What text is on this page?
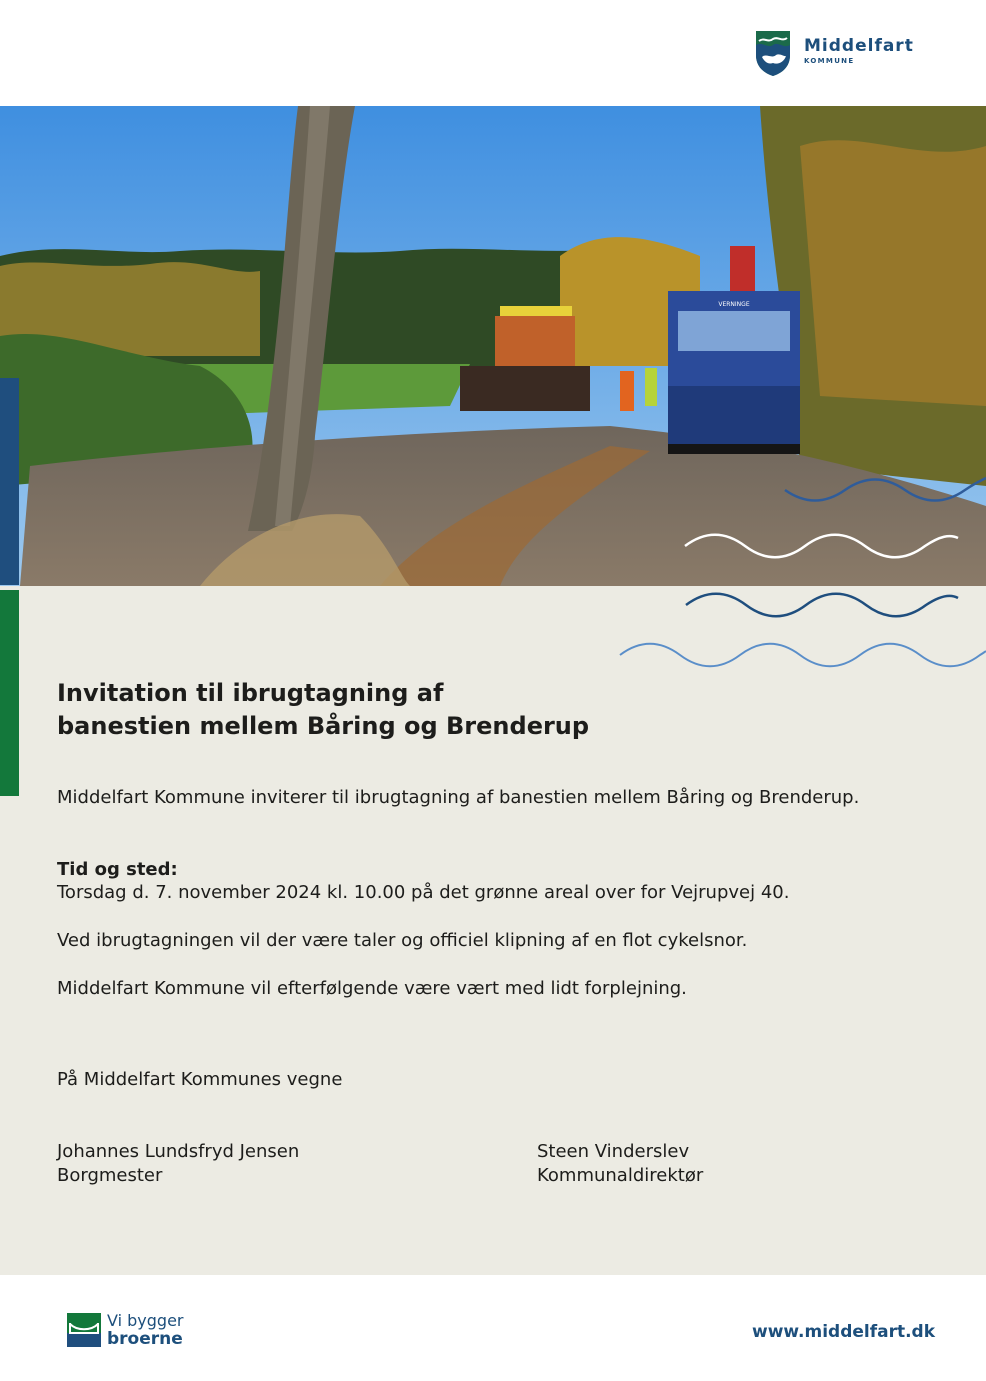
Middelfart
KOMMUNE
VERNINGE
Invitation til ibrugtagning af
banestien mellem Båring og Brenderup
Middelfart Kommune inviterer til ibrugtagning af banestien mellem Båring og Brenderup.
Tid og sted:
Torsdag d. 7. november 2024 kl. 10.00 på det grønne areal over for Vejrupvej 40.
Ved ibrugtagningen vil der være taler og officiel klipning af en flot cykelsnor.
Middelfart Kommune vil efterfølgende være vært med lidt forplejning.
På Middelfart Kommunes vegne
Johannes Lundsfryd Jensen
Borgmester
Steen Vinderslev
Kommunaldirektør
Vi bygger
broerne	www.middelfart.dk
